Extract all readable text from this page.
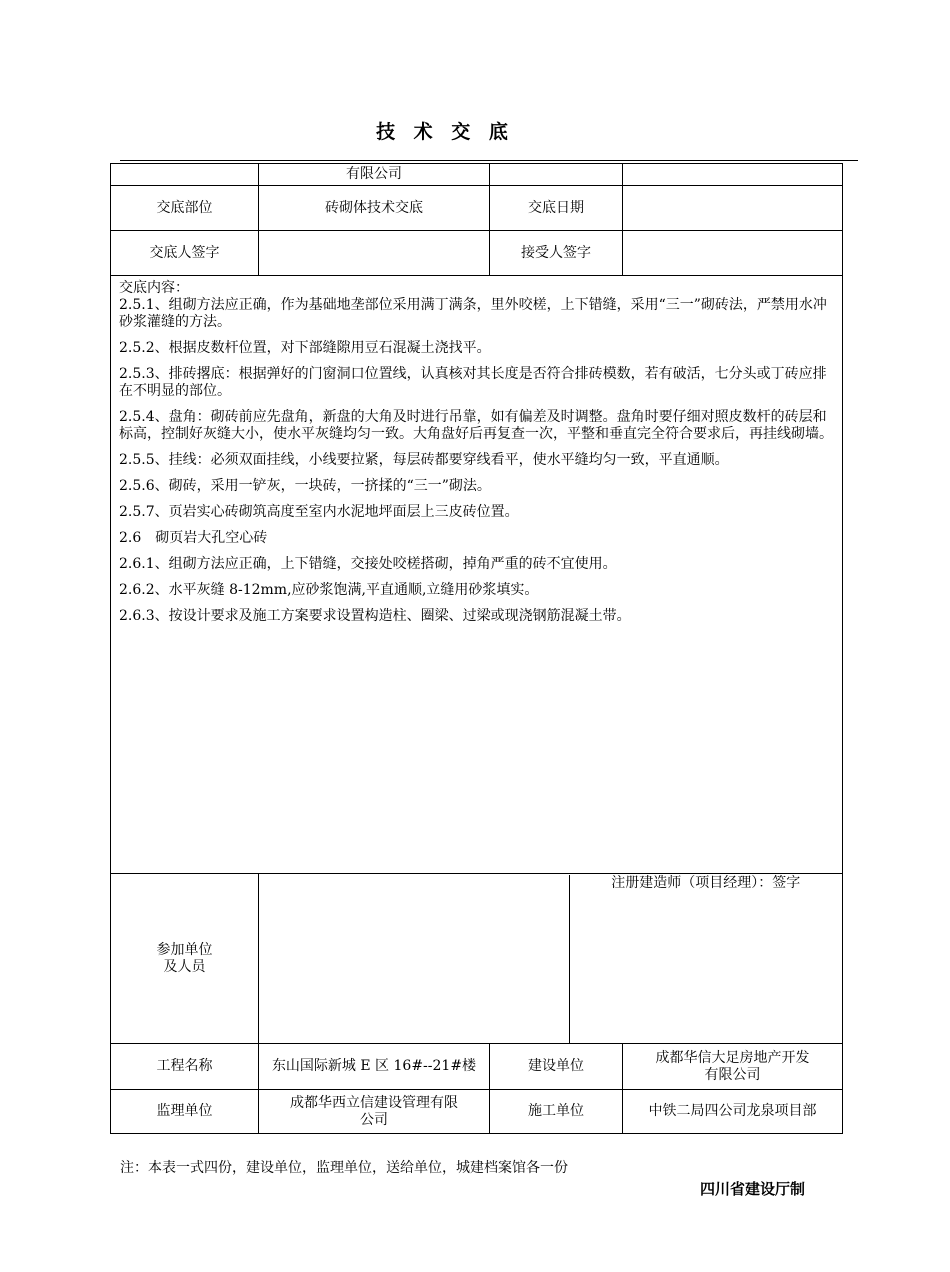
技 术 交 底
	有限公司		
交底部位	砖砌体技术交底	交底日期	
交底人签字		接受人签字	

交底内容：
2.5.1、组砌方法应正确，作为基础地垄部位采用满丁满条，里外咬槎，上下错缝，采用“三一”砌砖法，严禁用水冲砂浆灌缝的方法。
2.5.2、根据皮数杆位置，对下部缝隙用豆石混凝土浇找平。
2.5.3、排砖撂底：根据弹好的门窗洞口位置线，认真核对其长度是否符合排砖模数，若有破活，七分头或丁砖应排在不明显的部位。
2.5.4、盘角：砌砖前应先盘角，新盘的大角及时进行吊靠，如有偏差及时调整。盘角时要仔细对照皮数杆的砖层和标高，控制好灰缝大小，使水平灰缝均匀一致。大角盘好后再复查一次，平整和垂直完全符合要求后，再挂线砌墙。
2.5.5、挂线：必须双面挂线，小线要拉紧，每层砖都要穿线看平，使水平缝均匀一致，平直通顺。
2.5.6、砌砖，采用一铲灰，一块砖，一挤揉的“三一”砌法。
2.5.7、页岩实心砖砌筑高度至室内水泥地坪面层上三皮砖位置。
2.6　砌页岩大孔空心砖
2.6.1、组砌方法应正确，上下错缝，交接处咬槎搭砌，掉角严重的砖不宜使用。
2.6.2、水平灰缝 8-12mm,应砂浆饱满,平直通顺,立缝用砂浆填实。
2.6.3、按设计要求及施工方案要求设置构造柱、圈梁、过梁或现浇钢筋混凝土带。

参加单位
及人员

	注册建造师（项目经理）：签字

工程名称	东山国际新城 E 区 16#--21#楼	建设单位	成都华信大足房地产开发有限公司
监理单位	成都华西立信建设管理有限公司	施工单位	中铁二局四公司龙泉项目部
注：本表一式四份，建设单位，监理单位，送给单位，城建档案馆各一份
四川省建设厅制
